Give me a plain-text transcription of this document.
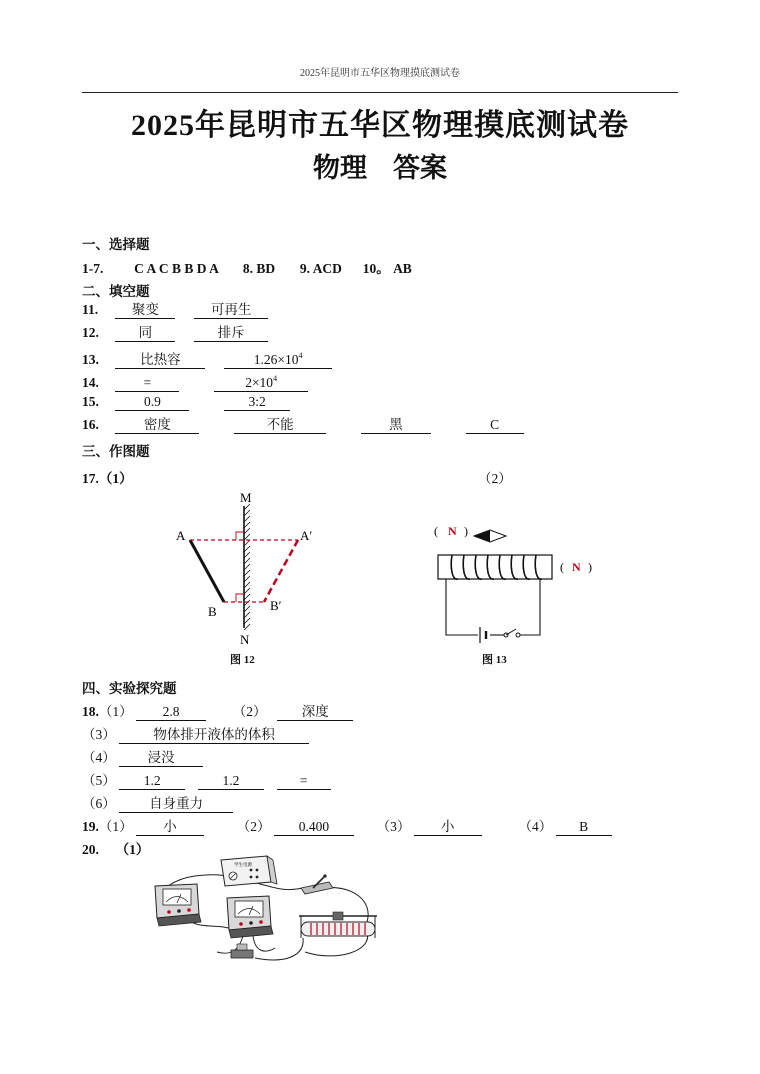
2025年昆明市五华区物理摸底测试卷
2025年昆明市五华区物理摸底测试卷
物理 答案
一、选择题
1-7. C A C B B D A 8. BD 9. ACD 10。 AB
二、填空题
11. 聚变	可再生
12.	同	排斥
13.	比热容	$1.26\times 10^4$
14.	=	$2\times 10^4$
15.	0.9	3:2
16.	密度	不能	黑	C
三、作图题
17.（1）	（2）
M
N
A	A′
B	B′
图 12
( N )
( N )
图 13
四、实验探究题
18.（1） 2.8	（2）	深度
（3）	物体排开液体的体积
（4） 浸没
（5） 1.2	1.2	=
（6） 自身重力
19.（1） 小	（2） 0.400	（3） 小	（4） B
20. （1）
学生电源
